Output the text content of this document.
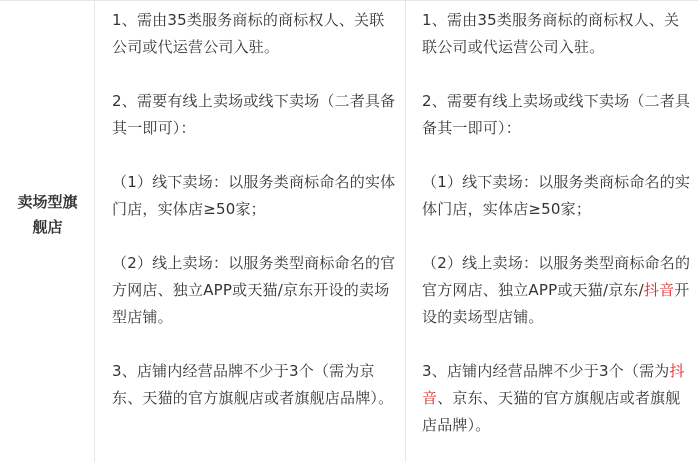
卖场型旗
舰店

1、需由35类服务商标的商标权人、关联公司或代运营公司入驻。

2、需要有线上卖场或线下卖场（二者具备其一即可）：

（1）线下卖场：以服务类商标命名的实体门店，实体店≥50家；

（2）线上卖场：以服务类型商标命名的官方网店、独立APP或天猫/京东开设的卖场型店铺。

3、店铺内经营品牌不少于3个（需为京东、天猫的官方旗舰店或者旗舰店品牌）。

1、需由35类服务商标的商标权人、关联公司或代运营公司入驻。

2、需要有线上卖场或线下卖场（二者具备其一即可）：

（1）线下卖场：以服务类商标命名的实体门店，实体店≥50家；

（2）线上卖场：以服务类型商标命名的官方网店、独立APP或天猫/京东/抖音开设的卖场型店铺。

3、店铺内经营品牌不少于3个（需为抖音、京东、天猫的官方旗舰店或者旗舰店品牌）。
